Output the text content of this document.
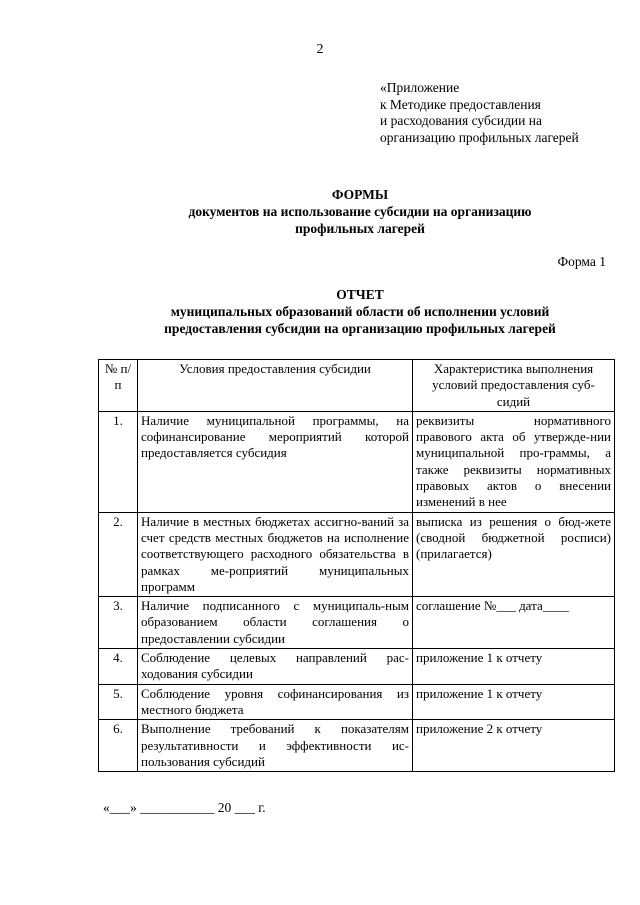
2
«Приложение
к Методике предоставления
и расходования субсидии на
организацию профильных лагерей
ФОРМЫ
документов на использование субсидии на организацию
профильных лагерей
Форма 1
ОТЧЕТ
муниципальных образований области об исполнении условий
предоставления субсидии на организацию профильных лагерей
№ п/п	Условия предоставления субсидии	Характеристика выполнения условий предоставления суб-сидий
1.	Наличие муниципальной программы, на софинансирование мероприятий которой предоставляется субсидия	реквизиты нормативного правового акта об утвержде-нии муниципальной про-граммы, а также реквизиты нормативных правовых актов о внесении изменений в нее
2.	Наличие в местных бюджетах ассигно-ваний за счет средств местных бюджетов на исполнение соответствующего расходного обязательства в рамках ме-роприятий муниципальных программ	выписка из решения о бюд-жете (сводной бюджетной росписи) (прилагается)
3.	Наличие подписанного с муниципаль-ным образованием области соглашения о предоставлении субсидии	соглашение №___ дата____
4.	Соблюдение целевых направлений рас-ходования субсидии	приложение 1 к отчету
5.	Соблюдение уровня софинансирования из местного бюджета	приложение 1 к отчету
6.	Выполнение требований к показателям результативности и эффективности ис-пользования субсидий	приложение 2 к отчету
«___» ___________ 20 ___ г.
